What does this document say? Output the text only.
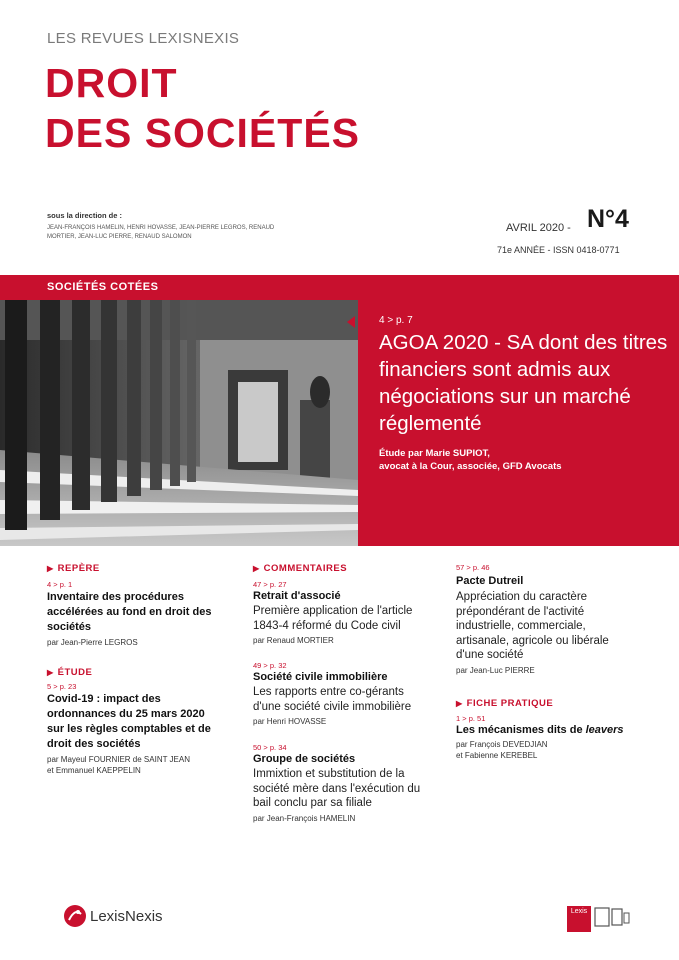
LES REVUES LEXISNEXIS
DROIT
DES SOCIÉTÉS
sous la direction de :
JEAN-FRANÇOIS HAMELIN, HENRI HOVASSE, JEAN-PIERRE LEGROS, RENAUD MORTIER, JEAN-LUC PIERRE, RENAUD SALOMON
AVRIL 2020 - N°4
71e ANNÉE - ISSN 0418-0771
SOCIÉTÉS COTÉES
4 > p. 7
AGOA 2020 - SA dont des titres financiers sont admis aux négociations sur un marché réglementé
Étude par Marie SUPIOT,
avocat à la Cour, associée, GFD Avocats
▶ REPÈRE
4 > p. 1
Inventaire des procédures accélérées au fond en droit des sociétés
par Jean-Pierre LEGROS
▶ ÉTUDE
5 > p. 23
Covid-19 : impact des ordonnances du 25 mars 2020 sur les règles comptables et de droit des sociétés
par Mayeul FOURNIER de SAINT JEAN
et Emmanuel KAEPPELIN
▶ COMMENTAIRES
47 > p. 27
Retrait d'associé
Première application de l'article 1843-4 réformé du Code civil
par Renaud MORTIER
49 > p. 32
Société civile immobilière
Les rapports entre co-gérants d'une société civile immobilière
par Henri HOVASSE
50 > p. 34
Groupe de sociétés
Immixtion et substitution de la société mère dans l'exécution du bail conclu par sa filiale
par Jean-François HAMELIN
57 > p. 46
Pacte Dutreil
Appréciation du caractère prépondérant de l'activité industrielle, commerciale, artisanale, agricole ou libérale d'une société
par Jean-Luc PIERRE
▶ FICHE PRATIQUE
1 > p. 51
Les mécanismes dits de leavers
par François DEVEDJIAN
et Fabienne KEREBEL
LexisNexis	Lexis
